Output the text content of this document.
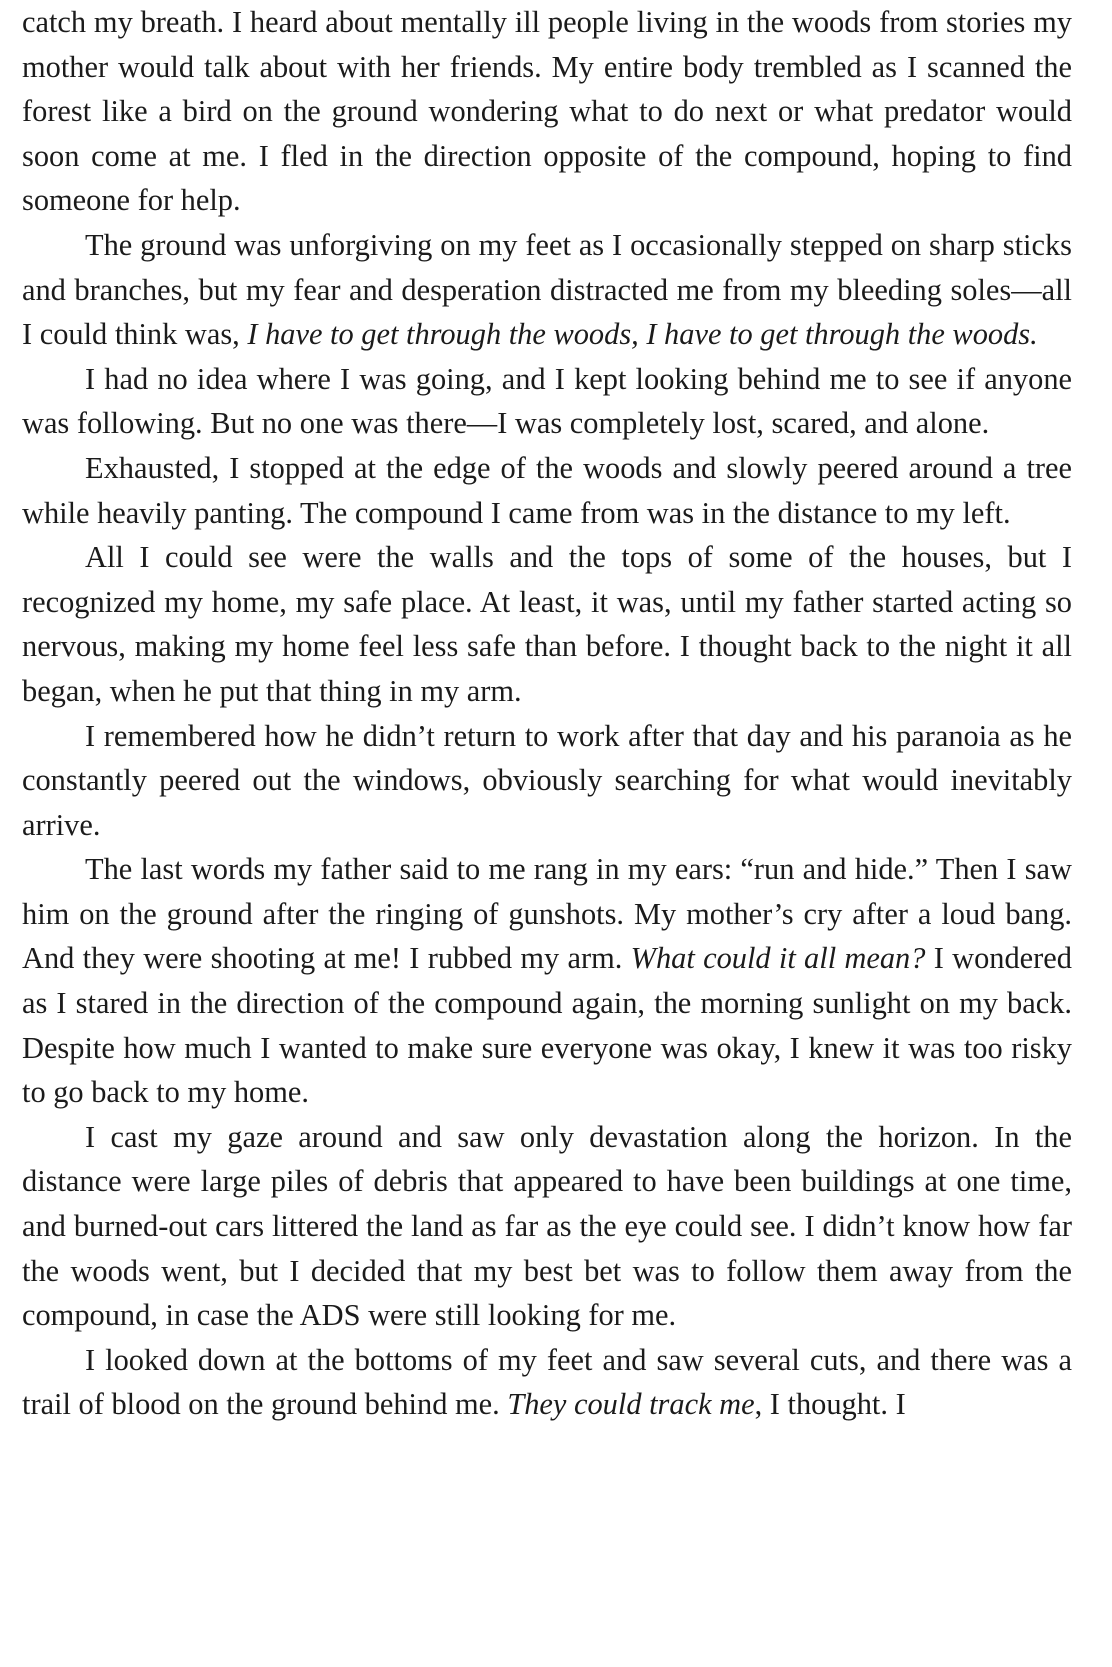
catch my breath. I heard about mentally ill people living in the woods from stories my mother would talk about with her friends. My entire body trembled as I scanned the forest like a bird on the ground wondering what to do next or what predator would soon come at me. I fled in the direction opposite of the compound, hoping to find someone for help.

The ground was unforgiving on my feet as I occasionally stepped on sharp sticks and branches, but my fear and desperation distracted me from my bleeding soles—all I could think was, I have to get through the woods, I have to get through the woods.

I had no idea where I was going, and I kept looking behind me to see if anyone was following. But no one was there—I was completely lost, scared, and alone.

Exhausted, I stopped at the edge of the woods and slowly peered around a tree while heavily panting. The compound I came from was in the distance to my left.

All I could see were the walls and the tops of some of the houses, but I recognized my home, my safe place. At least, it was, until my father started acting so nervous, making my home feel less safe than before. I thought back to the night it all began, when he put that thing in my arm.

I remembered how he didn’t return to work after that day and his paranoia as he constantly peered out the windows, obviously searching for what would inevitably arrive.

The last words my father said to me rang in my ears: “run and hide.” Then I saw him on the ground after the ringing of gunshots. My mother’s cry after a loud bang. And they were shooting at me! I rubbed my arm. What could it all mean? I wondered as I stared in the direction of the compound again, the morning sunlight on my back. Despite how much I wanted to make sure everyone was okay, I knew it was too risky to go back to my home.

I cast my gaze around and saw only devastation along the horizon. In the distance were large piles of debris that appeared to have been buildings at one time, and burned-out cars littered the land as far as the eye could see. I didn’t know how far the woods went, but I decided that my best bet was to follow them away from the compound, in case the ADS were still looking for me.

I looked down at the bottoms of my feet and saw several cuts, and there was a trail of blood on the ground behind me. They could track me, I thought. I
